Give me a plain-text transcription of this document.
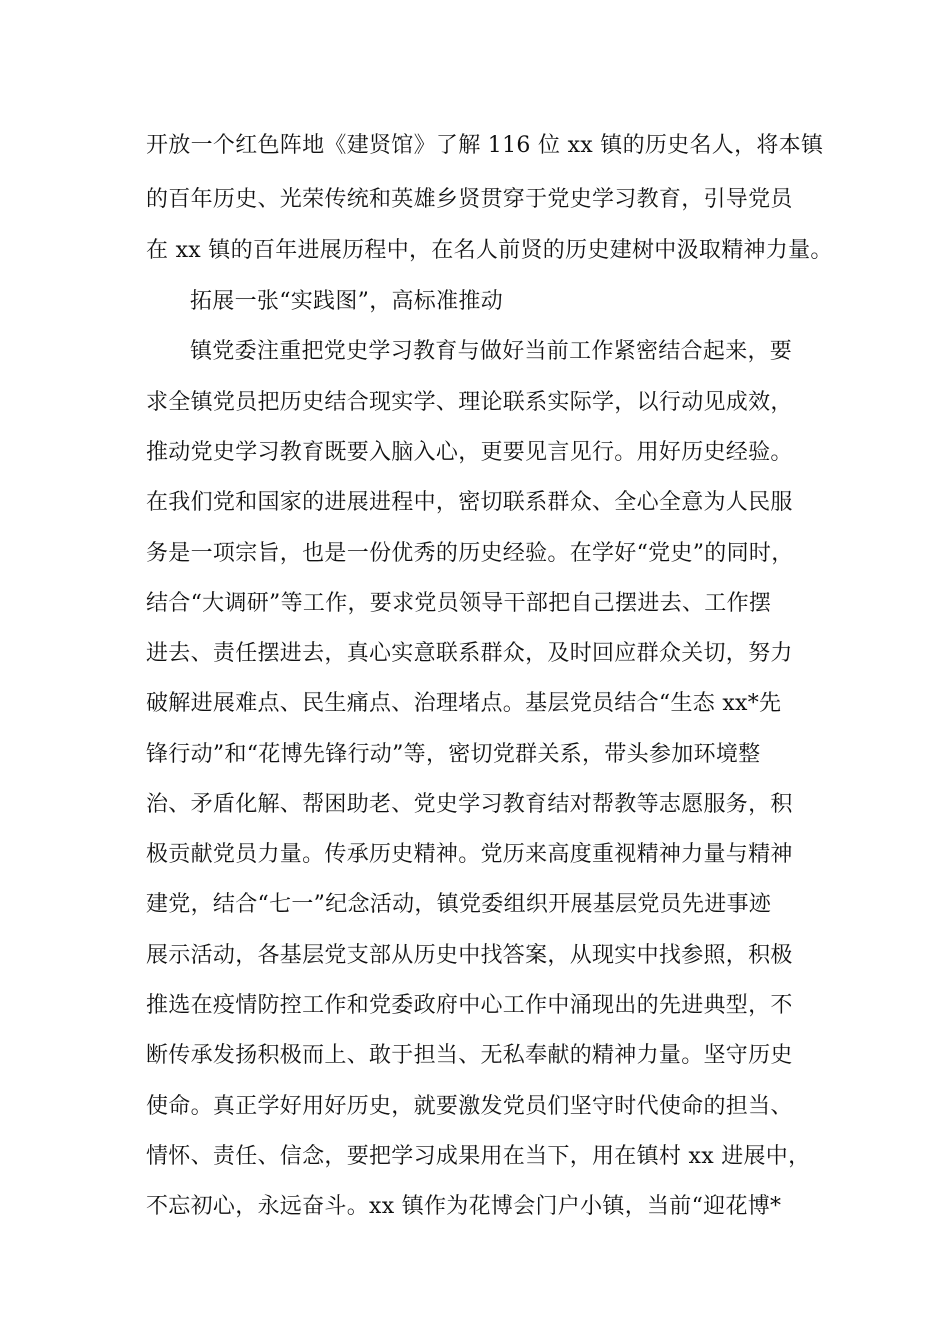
开放一个红色阵地《建贤馆》了解 116 位 xx 镇的历史名人，将本镇
的百年历史、光荣传统和英雄乡贤贯穿于党史学习教育，引导党员
在 xx 镇的百年进展历程中，在名人前贤的历史建树中汲取精神力量。
拓展一张“实践图”，高标准推动
镇党委注重把党史学习教育与做好当前工作紧密结合起来，要
求全镇党员把历史结合现实学、理论联系实际学，以行动见成效，
推动党史学习教育既要入脑入心，更要见言见行。用好历史经验。
在我们党和国家的进展进程中，密切联系群众、全心全意为人民服
务是一项宗旨，也是一份优秀的历史经验。在学好“党史”的同时，
结合“大调研”等工作，要求党员领导干部把自己摆进去、工作摆
进去、责任摆进去，真心实意联系群众，及时回应群众关切，努力
破解进展难点、民生痛点、治理堵点。基层党员结合“生态 xx*先
锋行动”和“花博先锋行动”等，密切党群关系，带头参加环境整
治、矛盾化解、帮困助老、党史学习教育结对帮教等志愿服务，积
极贡献党员力量。传承历史精神。党历来高度重视精神力量与精神
建党，结合“七一”纪念活动，镇党委组织开展基层党员先进事迹
展示活动，各基层党支部从历史中找答案，从现实中找参照，积极
推选在疫情防控工作和党委政府中心工作中涌现出的先进典型，不
断传承发扬积极而上、敢于担当、无私奉献的精神力量。坚守历史
使命。真正学好用好历史，就要激发党员们坚守时代使命的担当、
情怀、责任、信念，要把学习成果用在当下，用在镇村 xx 进展中，
不忘初心，永远奋斗。xx 镇作为花博会门户小镇，当前“迎花博*
